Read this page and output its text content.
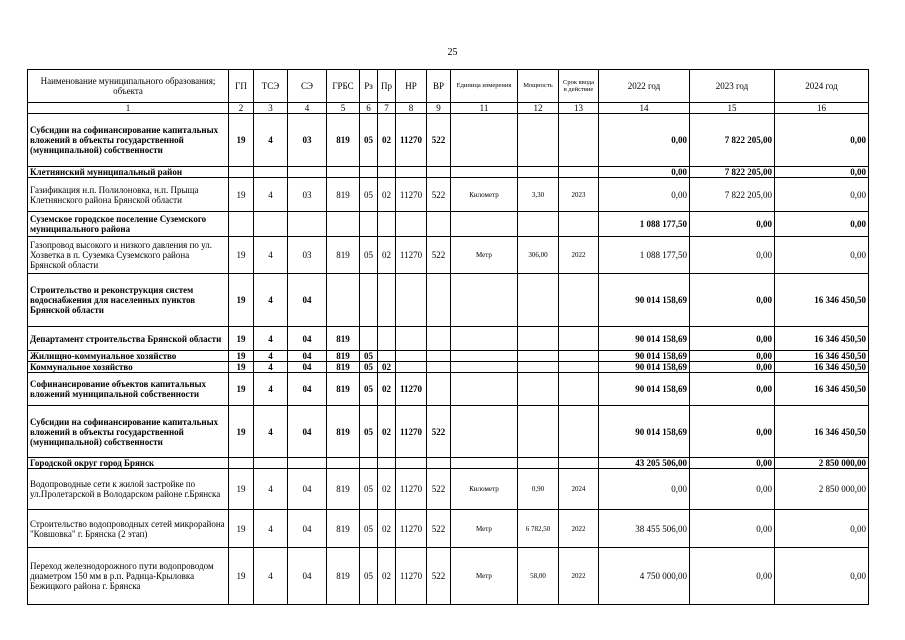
25
Наименование муниципального образования; объекта	ГП	ТСЭ	СЭ	ГРБС	Рз	Пр	НР	ВР	Единица измерения	Мощность	Срок ввода в действие	2022 год	2023 год	2024 год
1	2	3	4	5	6	7	8	9	11	12	13	14	15	16
Субсидии на софинансирование капитальных вложений в объекты государственной (муниципальной) собственности	19	4	03	819	05	02	11270	522				0,00	7 822 205,00	0,00
Клетнянский муниципальный район												0,00	7 822 205,00	0,00
Газификация н.п. Полилоновка, н.п. Прыща Клетнянского района Брянской области	19	4	03	819	05	02	11270	522	Километр	3,30	2023	0,00	7 822 205,00	0,00
Суземское городское поселение Суземского муниципального района												1 088 177,50	0,00	0,00
Газопровод высокого и низкого давления по ул. Хозветка в п. Суземка Суземского района Брянской области	19	4	03	819	05	02	11270	522	Метр	306,00	2022	1 088 177,50	0,00	0,00
Строительство и реконструкция систем водоснабжения для населенных пунктов Брянской области	19	4	04									90 014 158,69	0,00	16 346 450,50
Департамент строительства Брянской области	19	4	04	819								90 014 158,69	0,00	16 346 450,50
Жилищно-коммунальное хозяйство	19	4	04	819	05							90 014 158,69	0,00	16 346 450,50
Коммунальное хозяйство	19	4	04	819	05	02						90 014 158,69	0,00	16 346 450,50
Софинансирование объектов капитальных вложений муниципальной собственности	19	4	04	819	05	02	11270					90 014 158,69	0,00	16 346 450,50
Субсидии на софинансирование капитальных вложений в объекты государственной (муниципальной) собственности	19	4	04	819	05	02	11270	522				90 014 158,69	0,00	16 346 450,50
Городской округ город Брянск												43 205 506,00	0,00	2 850 000,00
Водопроводные сети к жилой застройке по ул.Пролетарской в Володарском районе г.Брянска	19	4	04	819	05	02	11270	522	Километр	0,90	2024	0,00	0,00	2 850 000,00
Строительство водопроводных сетей микрорайона "Ковшовка" г. Брянска (2 этап)	19	4	04	819	05	02	11270	522	Метр	6 782,50	2022	38 455 506,00	0,00	0,00
Переход железнодорожного пути водопроводом диаметром 150 мм в р.п. Радица-Крыловка Бежицкого района г. Брянска	19	4	04	819	05	02	11270	522	Метр	58,00	2022	4 750 000,00	0,00	0,00
